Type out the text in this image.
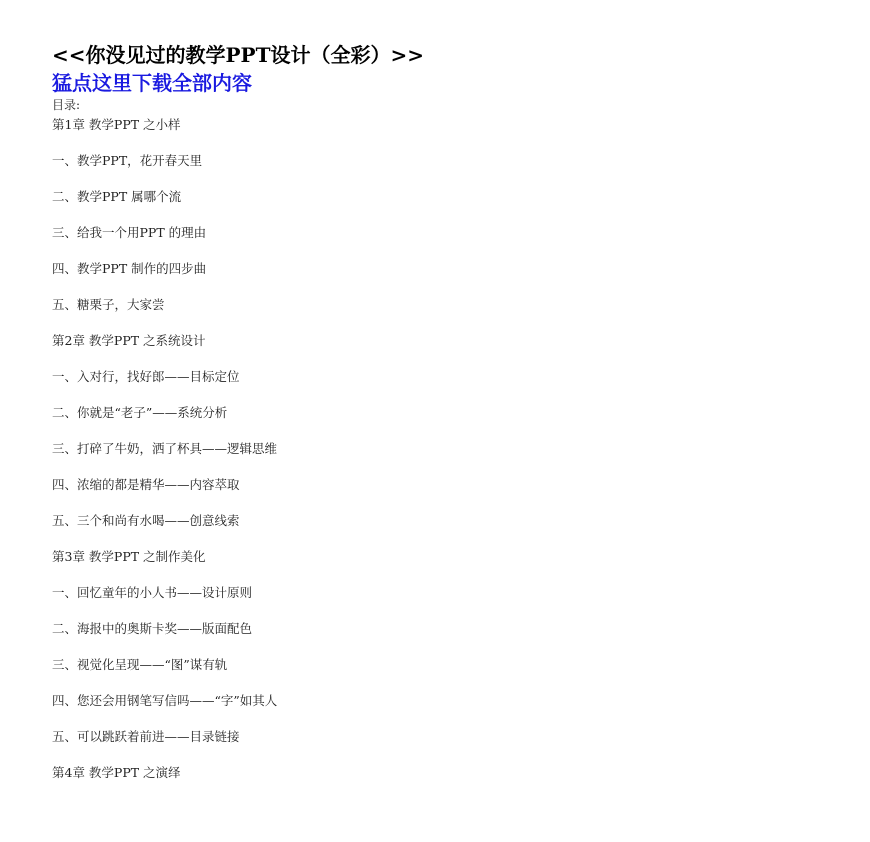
<<你没见过的教学PPT设计（全彩）>>
猛点这里下载全部内容
目录:
第1章 教学PPT 之小样
一、教学PPT，花开春天里
二、教学PPT 属哪个流
三、给我一个用PPT 的理由
四、教学PPT 制作的四步曲
五、糖栗子，大家尝
第2章 教学PPT 之系统设计
一、入对行，找好郎——目标定位
二、你就是“老子”——系统分析
三、打碎了牛奶，洒了杯具——逻辑思维
四、浓缩的都是精华——内容萃取
五、三个和尚有水喝——创意线索
第3章 教学PPT 之制作美化
一、回忆童年的小人书——设计原则
二、海报中的奥斯卡奖——版面配色
三、视觉化呈现——“图”谋有轨
四、您还会用钢笔写信吗——“字”如其人
五、可以跳跃着前进——目录链接
第4章 教学PPT 之演绎
